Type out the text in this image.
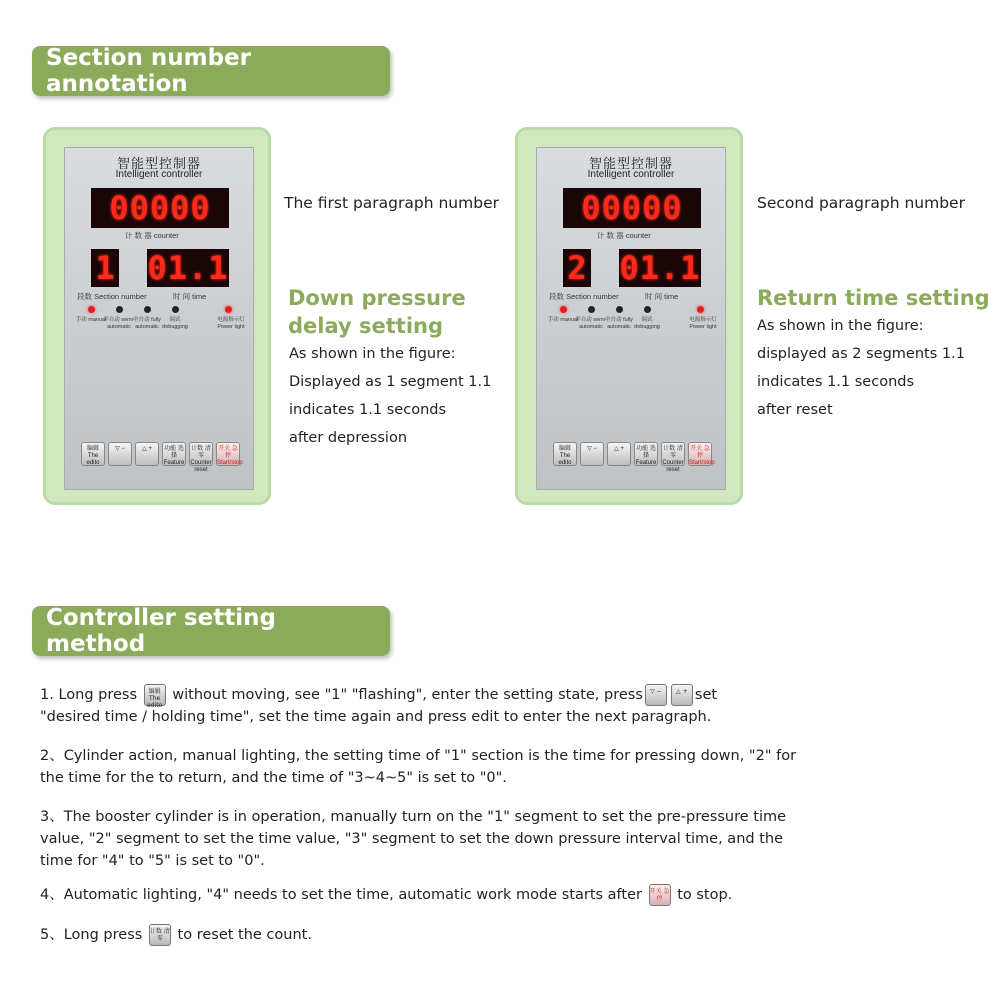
Section number annotation
智能型控制器
Intelligent controller
00000
计 数 器 counter
1 01.1
段数 Section number	时 间 time
手动 manual
半自动 semi-automatic
全自动 fully automatic
调试 debugging
电源指示灯 Power light
编辑 The edito
▽ −	△ +	功能 选择 Feature
计数 清零 Counter reset
开关 急停 Start/stop
智能型控制器
Intelligent controller
00000
计 数 器 counter
2 01.1
段数 Section number	时 间 time
手动 manual
半自动 semi-automatic
全自动 fully automatic
调试 debugging
电源指示灯 Power light
编辑 The edito
▽ −	△ +	功能 选择 Feature
计数 清零 Counter reset
开关 急停 Start/stop
The first paragraph number
Down pressure
delay setting
As shown in the figure:
Displayed as 1 segment 1.1
indicates 1.1 seconds
after depression
Second paragraph number
Return time setting
As shown in the figure:
displayed as 2 segments 1.1
indicates 1.1 seconds
after reset
Controller setting method
1. Long press 编辑 The edito without moving, see "1" "flashing", enter the setting state, press ▽ − △ + set
"desired time / holding time", set the time again and press edit to enter the next paragraph.
2、Cylinder action, manual lighting, the setting time of "1" section is the time for pressing down, "2" for the time for the to return, and the time of "3~4~5" is set to "0".
3、The booster cylinder is in operation, manually turn on the "1" segment to set the pre-pressure time value, "2" segment to set the time value, "3" segment to set the down pressure interval time, and the time for "4" to "5" is set to "0".
4、Automatic lighting, "4" needs to set the time, automatic work mode starts after 开关 急停 to stop.
5、Long press 计数 清零 to reset the count.
